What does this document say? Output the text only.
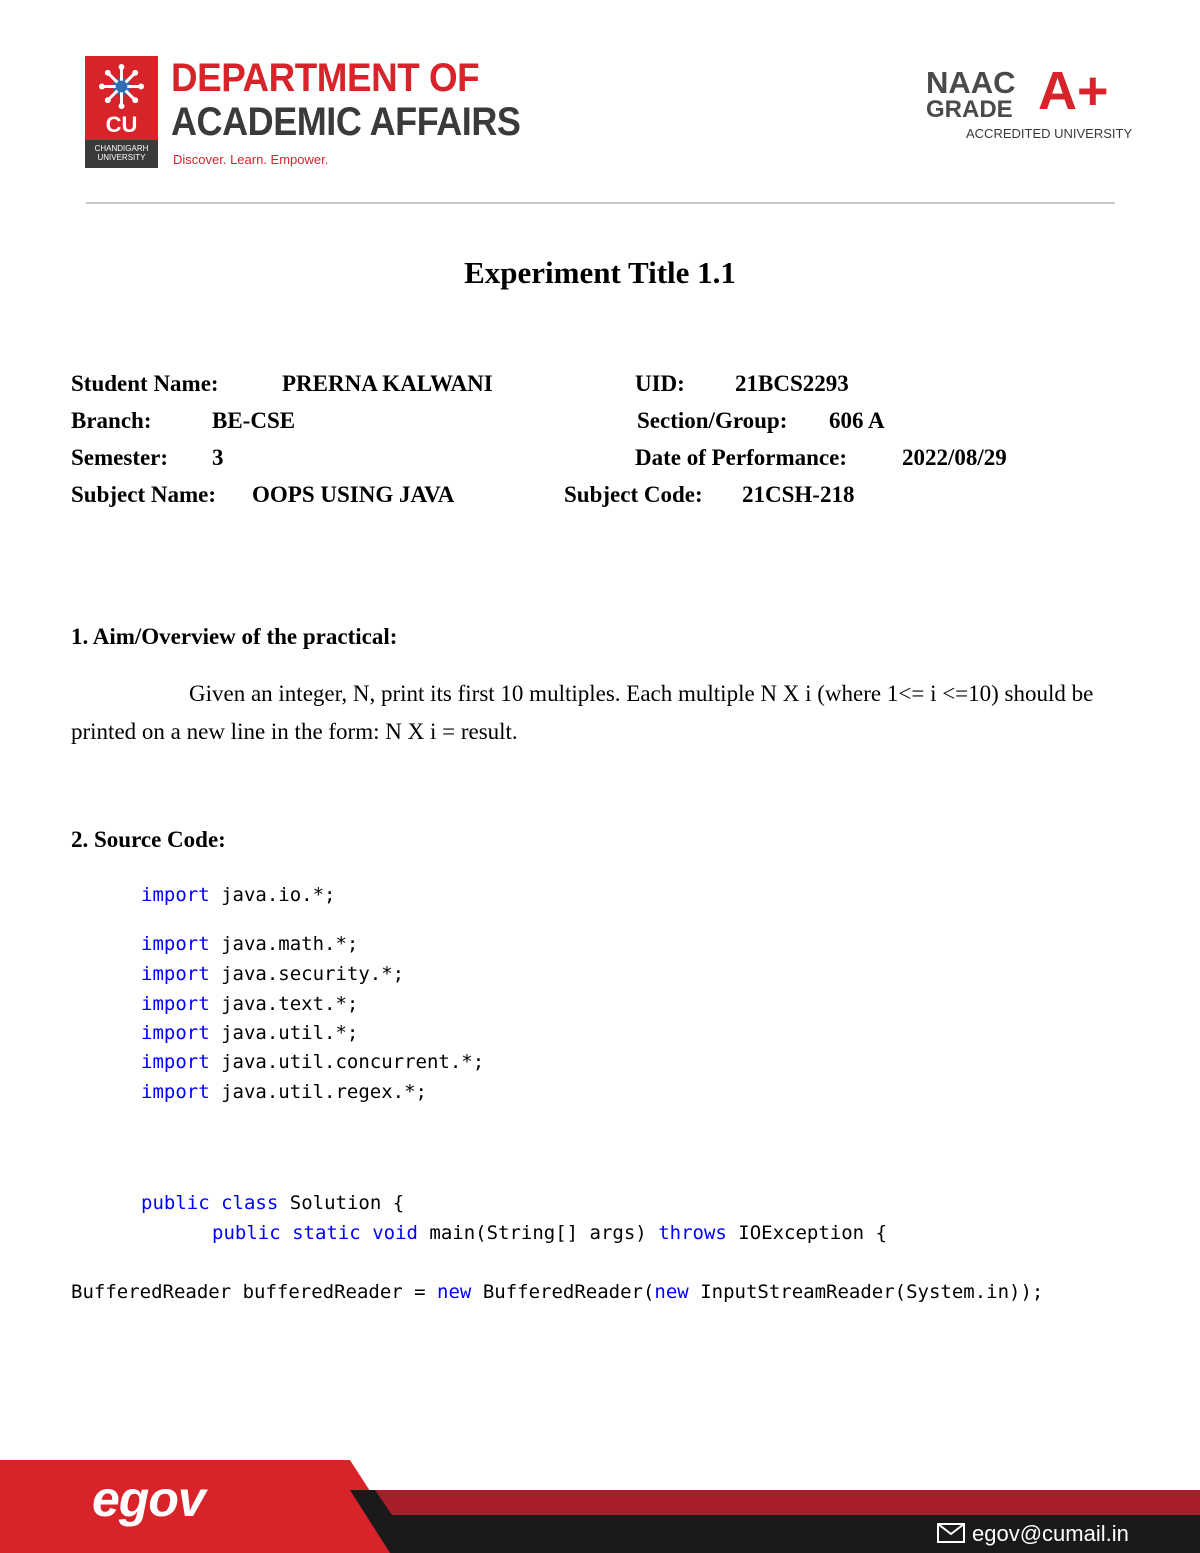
CU
CHANDIGARH UNIVERSITY
DEPARTMENT OF
ACADEMIC AFFAIRS
Discover. Learn. Empower.
NAAC
GRADE A+
ACCREDITED UNIVERSITY
Experiment Title 1.1
Student Name:	PRERNA KALWANI	UID: 21BCS2293
Branch:	BE-CSE	Section/Group: 606 A
Semester: 3	Date of Performance: 2022/08/29
Subject Name: OOPS USING JAVA	Subject Code: 21CSH-218
1. Aim/Overview of the practical:
Given an integer, N, print its first 10 multiples. Each multiple N X i (where 1<= i <=10) should be printed on a new line in the form: N X i = result.
2. Source Code:
import java.io.*;
import java.math.*;
import java.security.*;
import java.text.*;
import java.util.*;
import java.util.concurrent.*;
import java.util.regex.*;
public class Solution {
public static void main(String[] args) throws IOException {
BufferedReader bufferedReader = new BufferedReader(new InputStreamReader(System.in));
egov
egov@cumail.in
